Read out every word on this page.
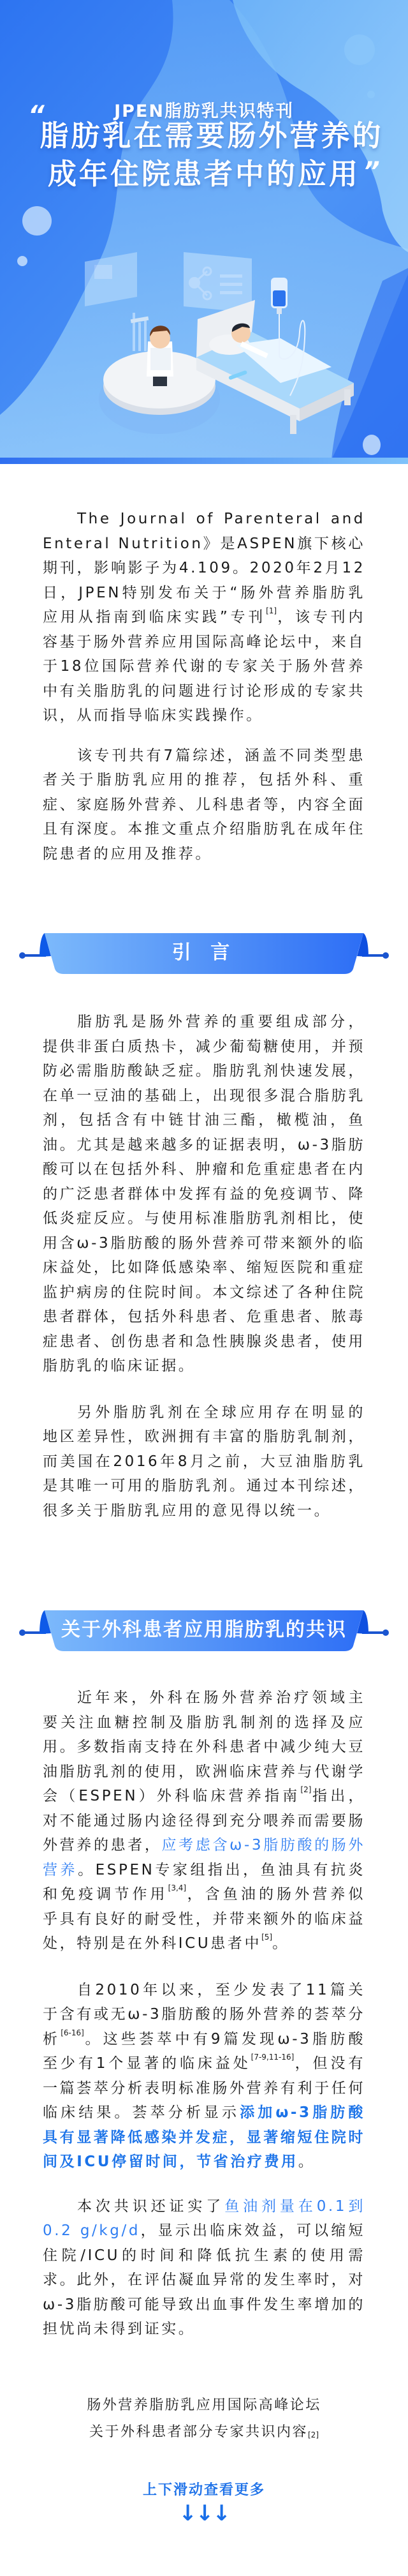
JPEN脂肪乳共识特刊
“
脂肪乳在需要肠外营养的
成年住院患者中的应用 ”

The Journal of Parenteral and Enteral Nutrition》是ASPEN旗下核心期刊，影响影子为4.109。2020年2月12日，JPEN特别发布关于“肠外营养脂肪乳应用从指南到临床实践”专刊[1]，该专刊内容基于肠外营养应用国际高峰论坛中，来自于18位国际营养代谢的专家关于肠外营养中有关脂肪乳的问题进行讨论形成的专家共识，从而指导临床实践操作。

该专刊共有7篇综述，涵盖不同类型患者关于脂肪乳应用的推荐，包括外科、重症、家庭肠外营养、儿科患者等，内容全面且有深度。本推文重点介绍脂肪乳在成年住院患者的应用及推荐。

引 言

脂肪乳是肠外营养的重要组成部分，提供非蛋白质热卡，减少葡萄糖使用，并预防必需脂肪酸缺乏症。脂肪乳剂快速发展，在单一豆油的基础上，出现很多混合脂肪乳剂，包括含有中链甘油三酯，橄榄油，鱼油。尤其是越来越多的证据表明，ω-3脂肪酸可以在包括外科、肿瘤和危重症患者在内的广泛患者群体中发挥有益的免疫调节、降低炎症反应。与使用标准脂肪乳剂相比，使用含ω-3脂肪酸的肠外营养可带来额外的临床益处，比如降低感染率、缩短医院和重症监护病房的住院时间。本文综述了各种住院患者群体，包括外科患者、危重患者、脓毒症患者、创伤患者和急性胰腺炎患者，使用脂肪乳的临床证据。

另外脂肪乳剂在全球应用存在明显的地区差异性，欧洲拥有丰富的脂肪乳制剂，而美国在2016年8月之前，大豆油脂肪乳是其唯一可用的脂肪乳剂。通过本刊综述，很多关于脂肪乳应用的意见得以统一。

关于外科患者应用脂肪乳的共识

近年来，外科在肠外营养治疗领域主要关注血糖控制及脂肪乳制剂的选择及应用。多数指南支持在外科患者中减少纯大豆油脂肪乳剂的使用，欧洲临床营养与代谢学会（ESPEN）外科临床营养指南[2]指出，对不能通过肠内途径得到充分喂养而需要肠外营养的患者，应考虑含ω-3脂肪酸的肠外营养。ESPEN专家组指出，鱼油具有抗炎和免疫调节作用[3,4]，含鱼油的肠外营养似乎具有良好的耐受性，并带来额外的临床益处，特别是在外科ICU患者中[5]。

自2010年以来，至少发表了11篇关于含有或无ω-3脂肪酸的肠外营养的荟萃分析[6-16]。这些荟萃中有9篇发现ω-3脂肪酸至少有1个显著的临床益处[7-9,11-16]，但没有一篇荟萃分析表明标准肠外营养有利于任何临床结果。荟萃分析显示添加ω-3脂肪酸具有显著降低感染并发症，显著缩短住院时间及ICU停留时间，节省治疗费用。

本次共识还证实了鱼油剂量在0.1到0.2 g/kg/d，显示出临床效益，可以缩短住院/ICU的时间和降低抗生素的使用需求。此外，在评估凝血异常的发生率时，对ω-3脂肪酸可能导致出血事件发生率增加的担忧尚未得到证实。

肠外营养脂肪乳应用国际高峰论坛
关于外科患者部分专家共识内容[2]
上下滑动查看更多
↓↓↓
